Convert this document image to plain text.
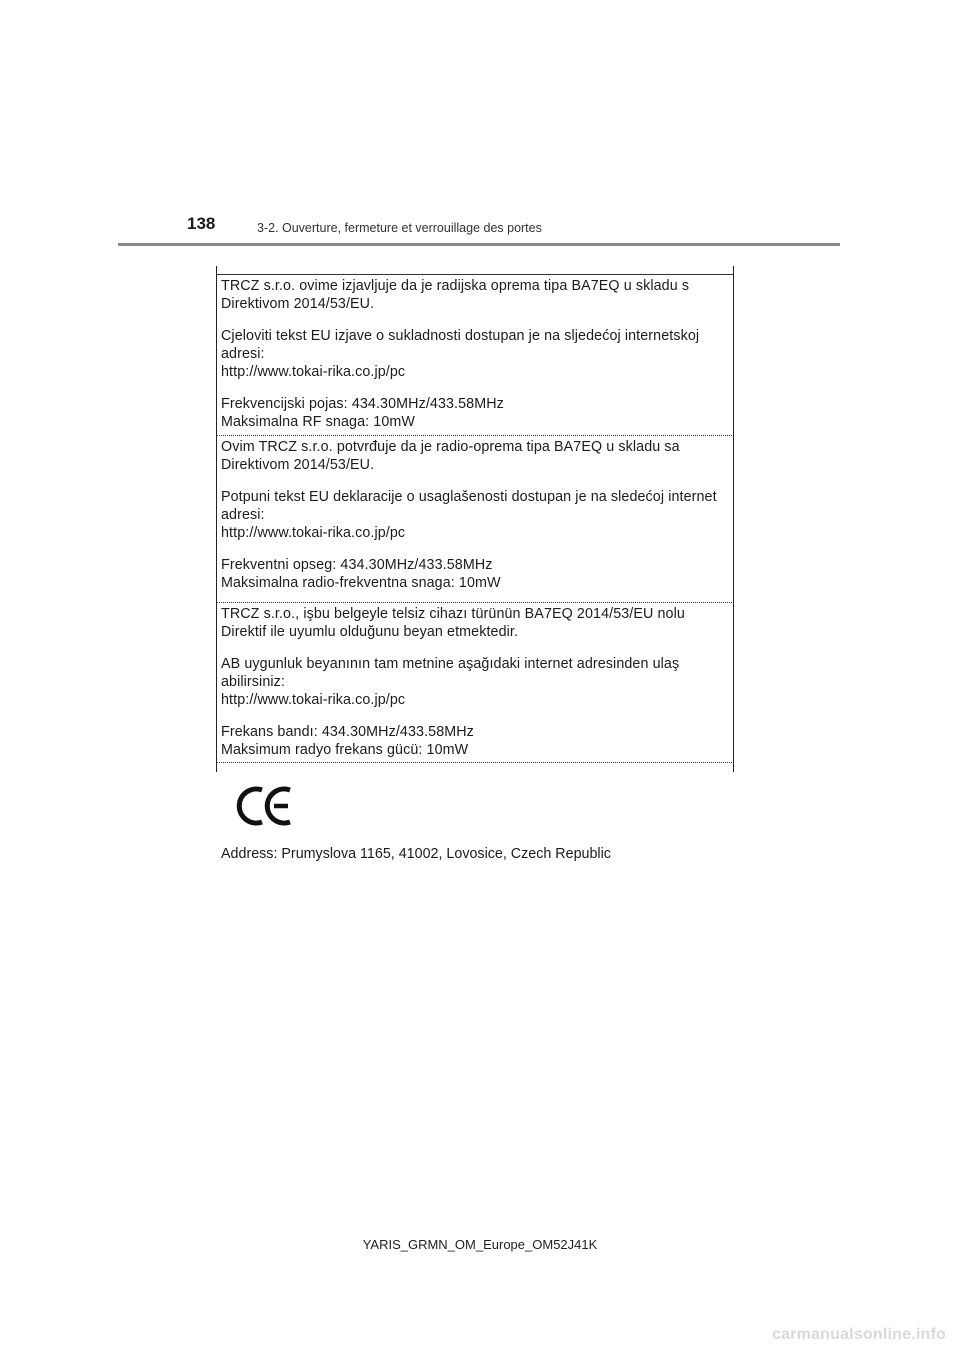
138	3-2. Ouverture, fermeture et verrouillage des portes

TRCZ s.r.o. ovime izjavljuje da je radijska oprema tipa BA7EQ u skladu s

Direktivom 2014/53/EU.

Cjeloviti tekst EU izjave o sukladnosti dostupan je na sljedećoj internetskoj

adresi:

http://www.tokai-rika.co.jp/pc

Frekvencijski pojas: 434.30MHz/433.58MHz

Maksimalna RF snaga: 10mW

Ovim TRCZ s.r.o. potvrđuje da je radio-oprema tipa BA7EQ u skladu sa

Direktivom 2014/53/EU.

Potpuni tekst EU deklaracije o usaglašenosti dostupan je na sledećoj internet

adresi:

http://www.tokai-rika.co.jp/pc

Frekventni opseg: 434.30MHz/433.58MHz

Maksimalna radio-frekventna snaga: 10mW

TRCZ s.r.o., işbu belgeyle telsiz cihazı türünün BA7EQ 2014/53/EU nolu

Direktif ile uyumlu olduğunu beyan etmektedir.

AB uygunluk beyanının tam metnine aşağıdaki internet adresinden ulaş

abilirsiniz:

http://www.tokai-rika.co.jp/pc

Frekans bandı: 434.30MHz/433.58MHz

Maksimum radyo frekans gücü: 10mW

Address: Prumyslova 1165, 41002, Lovosice, Czech Republic
YARIS_GRMN_OM_Europe_OM52J41K
carmanualsonline.info
